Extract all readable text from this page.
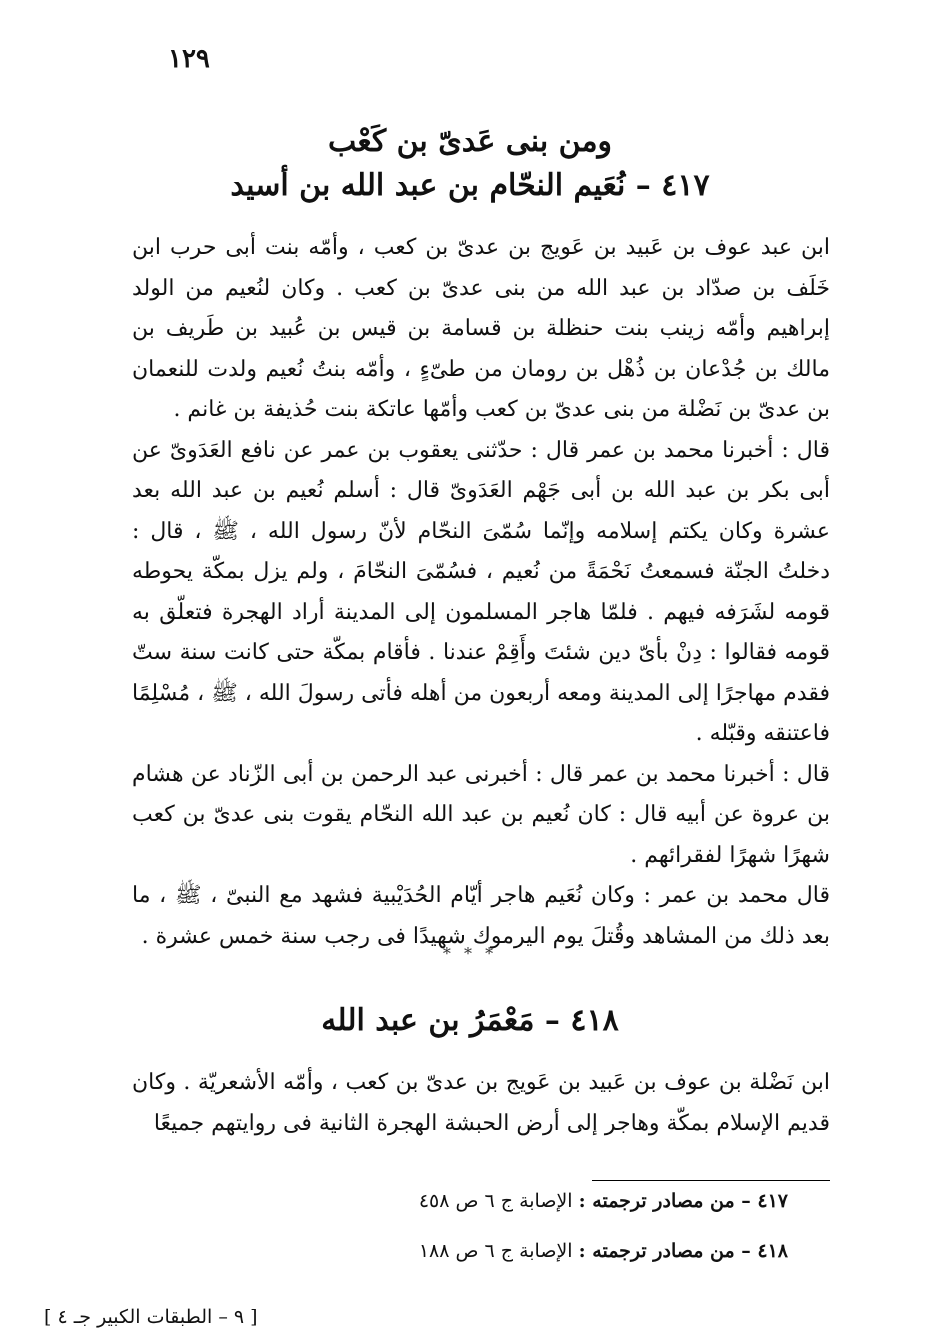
١٢٩
ومن بنى عَدىّ بن كَعْب
٤١٧ – نُعَيم النحّام بن عبد الله بن أسيد

ابن عبد عوف بن عَبيد بن عَويج بن عدىّ بن كعب ، وأمّه بنت أبى حرب ابن خَلَف بن صدّاد بن عبد الله من بنى عدىّ بن كعب . وكان لنُعيم من الولد إبراهيم وأمّه زينب بنت حنظلة بن قسامة بن قيس بن عُبيد بن طَريف بن مالك بن جُدْعان بن ذُهْل بن رومان من طىّءٍ ، وأمّه بنتُ نُعيم ولدت للنعمان بن عدىّ بن نَضْلة من بنى عدىّ بن كعب وأمّها عاتكة بنت حُذيفة بن غانم .

قال : أخبرنا محمد بن عمر قال : حدّثنى يعقوب بن عمر عن نافع العَدَوىّ عن أبى بكر بن عبد الله بن أبى جَهْم العَدَوىّ قال : أسلم نُعيم بن عبد الله بعد عشرة وكان يكتم إسلامه وإنّما سُمّىَ النحّام لأنّ رسول الله ، ﷺ ، قال : دخلتُ الجنّة فسمعتُ نَحْمَةً من نُعيم ، فسُمّىَ النحّامَ ، ولم يزل بمكّة يحوطه قومه لشَرَفه فيهم . فلمّا هاجر المسلمون إلى المدينة أراد الهجرة فتعلّق به قومه فقالوا : دِنْ بأىّ دين شئتَ وأَقِمْ عندنا . فأقام بمكّة حتى كانت سنة ستّ فقدم مهاجرًا إلى المدينة ومعه أربعون من أهله فأتى رسولَ الله ، ﷺ ، مُسْلِمًا فاعتنقه وقبّله .

قال : أخبرنا محمد بن عمر قال : أخبرنى عبد الرحمن بن أبى الزّناد عن هشام بن عروة عن أبيه قال : كان نُعيم بن عبد الله النحّام يقوت بنى عدىّ بن كعب شهرًا شهرًا لفقرائهم .

قال محمد بن عمر : وكان نُعَيم هاجر أيّام الحُدَيْبية فشهد مع النبىّ ، ﷺ ، ما بعد ذلك من المشاهد وقُتلَ يوم اليرموك شهيدًا فى رجب سنة خمس عشرة .

* * *
٤١٨ – مَعْمَرُ بن عبد الله

ابن نَضْلة بن عوف بن عَبيد بن عَويج بن عدىّ بن كعب ، وأمّه الأشعريّة . وكان قديم الإسلام بمكّة وهاجر إلى أرض الحبشة الهجرة الثانية فى روايتهم جميعًا

٤١٧ – من مصادر ترجمته : الإصابة ج ٦ ص ٤٥٨
٤١٨ – من مصادر ترجمته : الإصابة ج ٦ ص ١٨٨
[ ٩ – الطبقات الكبير جـ ٤ ]
